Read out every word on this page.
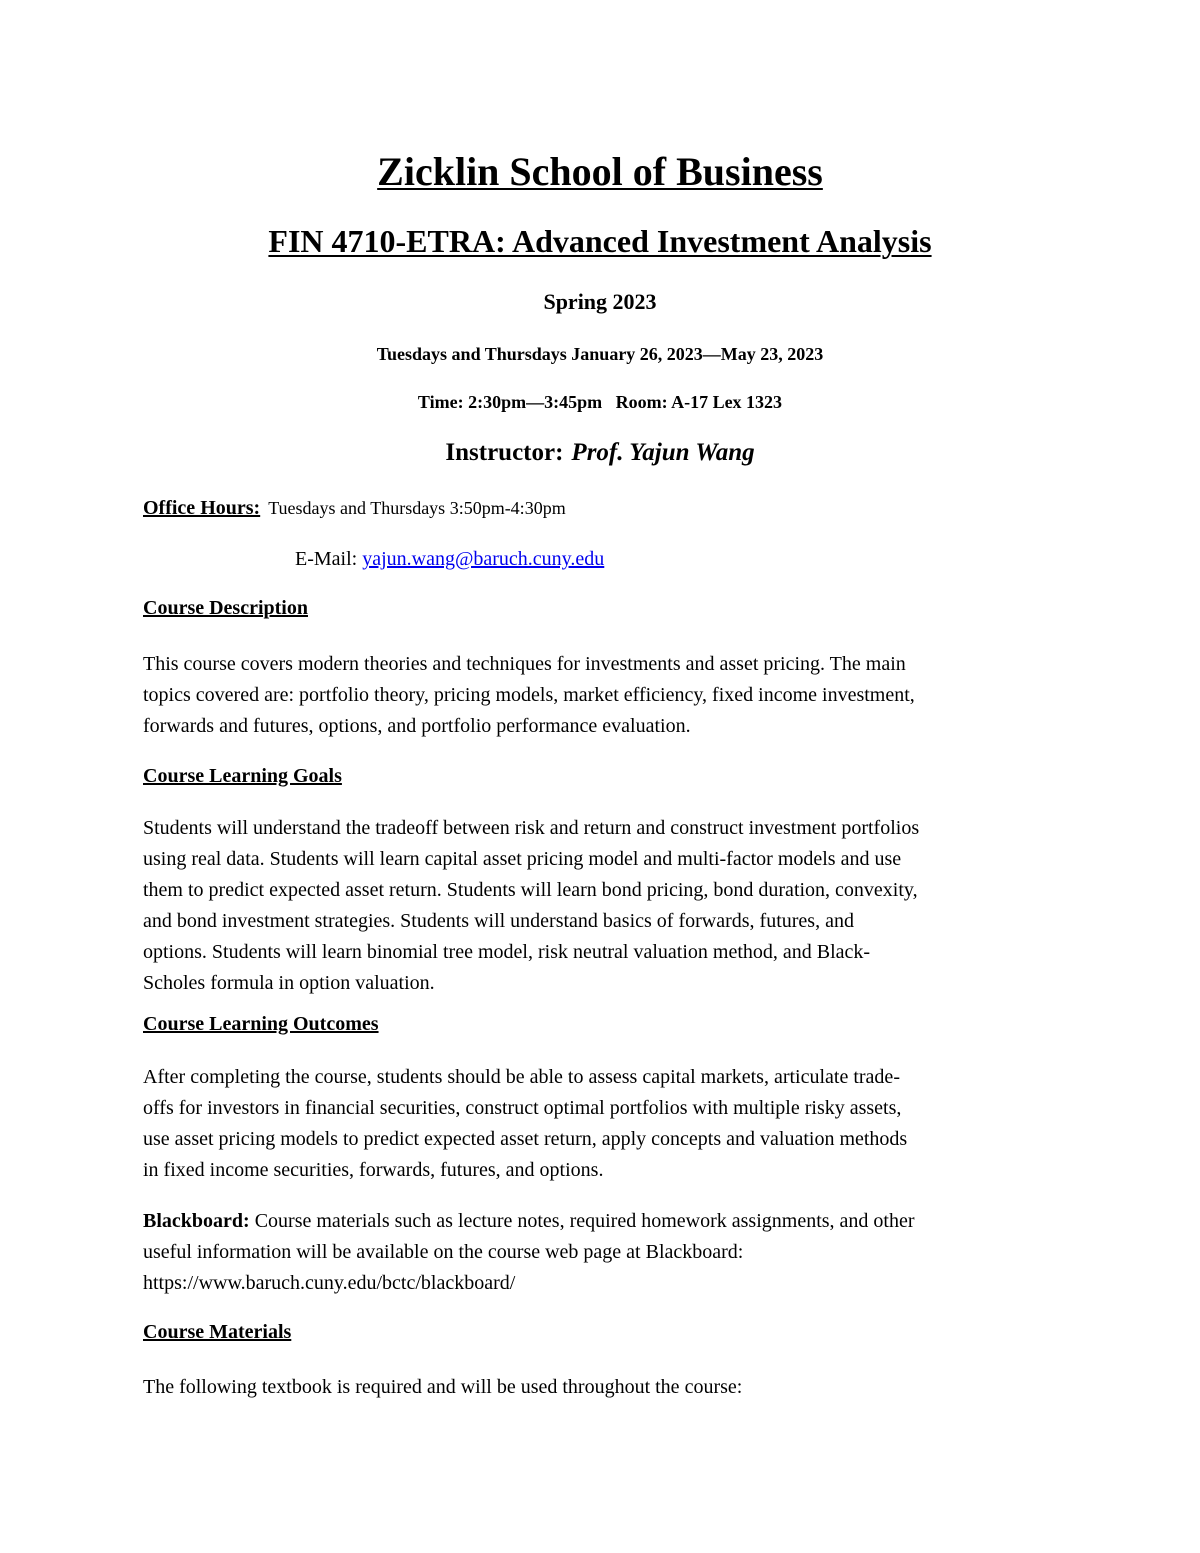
Zicklin School of Business
FIN 4710-ETRA: Advanced Investment Analysis
Spring 2023
Tuesdays and Thursdays January 26, 2023—May 23, 2023
Time: 2:30pm—3:45pm   Room: A-17 Lex 1323
Instructor: Prof. Yajun Wang
Office Hours: Tuesdays and Thursdays 3:50pm-4:30pm
E-Mail: yajun.wang@baruch.cuny.edu
Course Description
This course covers modern theories and techniques for investments and asset pricing. The main
topics covered are: portfolio theory, pricing models, market efficiency, fixed income investment,
forwards and futures, options, and portfolio performance evaluation.
Course Learning Goals
Students will understand the tradeoff between risk and return and construct investment portfolios
using real data. Students will learn capital asset pricing model and multi-factor models and use
them to predict expected asset return. Students will learn bond pricing, bond duration, convexity,
and bond investment strategies. Students will understand basics of forwards, futures, and
options. Students will learn binomial tree model, risk neutral valuation method, and Black-
Scholes formula in option valuation.
Course Learning Outcomes
After completing the course, students should be able to assess capital markets, articulate trade-
offs for investors in financial securities, construct optimal portfolios with multiple risky assets,
use asset pricing models to predict expected asset return, apply concepts and valuation methods
in fixed income securities, forwards, futures, and options.
Blackboard: Course materials such as lecture notes, required homework assignments, and other
useful information will be available on the course web page at Blackboard:
https://www.baruch.cuny.edu/bctc/blackboard/
Course Materials
The following textbook is required and will be used throughout the course:
